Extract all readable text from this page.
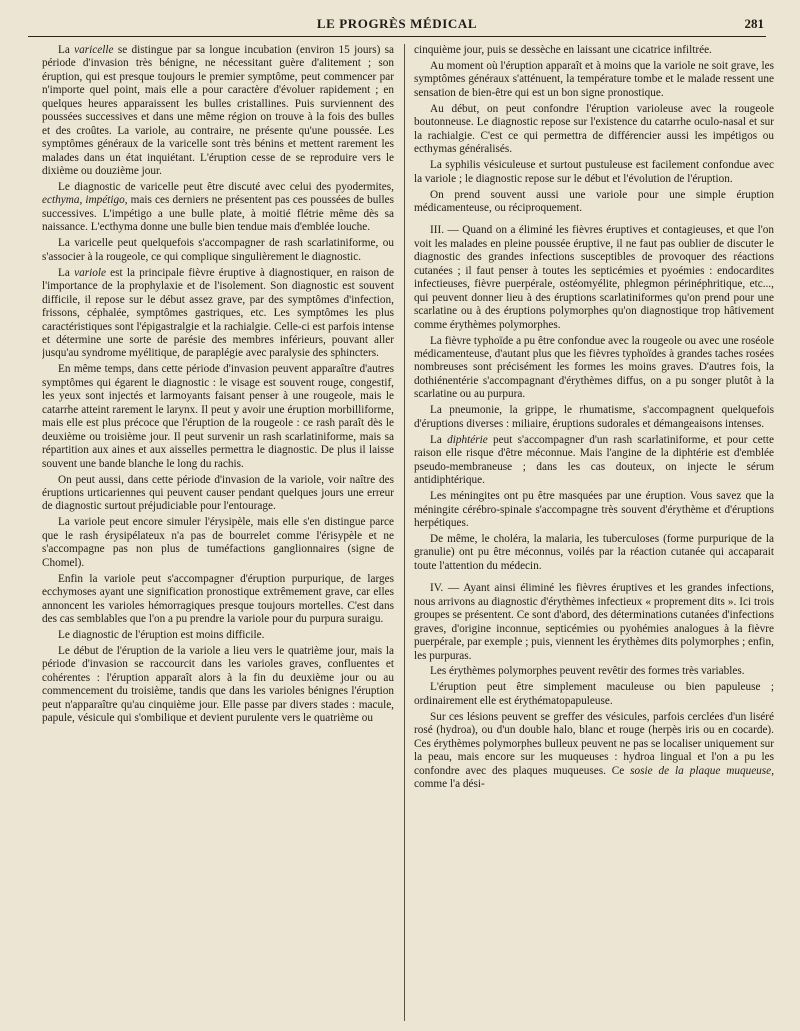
LE PROGRÈS MÉDICAL	281

La varicelle se distingue par sa longue incubation (environ 15 jours) sa période d'invasion très bénigne, ne nécessitant guère d'alitement ; son éruption, qui est presque toujours le premier symptôme, peut commencer par n'importe quel point, mais elle a pour caractère d'évoluer rapidement ; en quelques heures apparaissent les bulles cristallines. Puis surviennent des poussées successives et dans une même région on trouve à la fois des bulles et des croûtes. La variole, au contraire, ne présente qu'une poussée. Les symptômes généraux de la varicelle sont très bénins et mettent rarement les malades dans un état inquiétant. L'éruption cesse de se reproduire vers le dixième ou douzième jour.

Le diagnostic de varicelle peut être discuté avec celui des pyodermites, ecthyma, impétigo, mais ces derniers ne présentent pas ces poussées de bulles successives. L'impétigo a une bulle plate, à moitié flétrie même dès sa naissance. L'ecthyma donne une bulle bien tendue mais d'emblée louche.

La varicelle peut quelquefois s'accompagner de rash scarlatiniforme, ou s'associer à la rougeole, ce qui complique singulièrement le diagnostic.

La variole est la principale fièvre éruptive à diagnostiquer, en raison de l'importance de la prophylaxie et de l'isolement. Son diagnostic est souvent difficile, il repose sur le début assez grave, par des symptômes d'infection, frissons, céphalée, symptômes gastriques, etc. Les symptômes les plus caractéristiques sont l'épigastralgie et la rachialgie. Celle-ci est parfois intense et détermine une sorte de parésie des membres inférieurs, pouvant aller jusqu'au syndrome myélitique, de paraplégie avec paralysie des sphincters.

En même temps, dans cette période d'invasion peuvent apparaître d'autres symptômes qui égarent le diagnostic : le visage est souvent rouge, congestif, les yeux sont injectés et larmoyants faisant penser à une rougeole, mais le catarrhe atteint rarement le larynx. Il peut y avoir une éruption morbilliforme, mais elle est plus précoce que l'éruption de la rougeole : ce rash paraît dès le deuxième ou troisième jour. Il peut survenir un rash scarlatiniforme, mais sa répartition aux aines et aux aisselles permettra le diagnostic. De plus il laisse souvent une bande blanche le long du rachis.

On peut aussi, dans cette période d'invasion de la variole, voir naître des éruptions urticariennes qui peuvent causer pendant quelques jours une erreur de diagnostic surtout préjudiciable pour l'entourage.

La variole peut encore simuler l'érysipèle, mais elle s'en distingue parce que le rash érysipélateux n'a pas de bourrelet comme l'érisypèle et ne s'accompagne pas non plus de tuméfactions ganglionnaires (signe de Chomel).

Enfin la variole peut s'accompagner d'éruption purpurique, de larges ecchymoses ayant une signification pronostique extrêmement grave, car elles annoncent les varioles hémorragiques presque toujours mortelles. C'est dans des cas semblables que l'on a pu prendre la variole pour du purpura suraigu.

Le diagnostic de l'éruption est moins difficile.

Le début de l'éruption de la variole a lieu vers le quatrième jour, mais la période d'invasion se raccourcit dans les varioles graves, confluentes et cohérentes : l'éruption apparaît alors à la fin du deuxième jour ou au commencement du troisième, tandis que dans les varioles bénignes l'éruption peut n'apparaître qu'au cinquième jour. Elle passe par divers stades : macule, papule, vésicule qui s'ombilique et devient purulente vers le quatrième ou

cinquième jour, puis se dessèche en laissant une cicatrice infiltrée.

Au moment où l'éruption apparaît et à moins que la variole ne soit grave, les symptômes généraux s'atténuent, la température tombe et le malade ressent une sensation de bien-être qui est un bon signe pronostique.

Au début, on peut confondre l'éruption varioleuse avec la rougeole boutonneuse. Le diagnostic repose sur l'existence du catarrhe oculo-nasal et sur la rachialgie. C'est ce qui permettra de différencier aussi les impétigos ou ecthymas généralisés.

La syphilis vésiculeuse et surtout pustuleuse est facilement confondue avec la variole ; le diagnostic repose sur le début et l'évolution de l'éruption.

On prend souvent aussi une variole pour une simple éruption médicamenteuse, ou réciproquement.

III. — Quand on a éliminé les fièvres éruptives et contagieuses, et que l'on voit les malades en pleine poussée éruptive, il ne faut pas oublier de discuter le diagnostic des grandes infections susceptibles de provoquer des réactions cutanées ; il faut penser à toutes les septicémies et pyoémies : endocardites infectieuses, fièvre puerpérale, ostéomyélite, phlegmon périnéphritique, etc..., qui peuvent donner lieu à des éruptions scarlatiniformes qu'on prend pour une scarlatine ou à des éruptions polymorphes qu'on diagnostique trop hâtivement comme érythèmes polymorphes.

La fièvre typhoïde a pu être confondue avec la rougeole ou avec une roséole médicamenteuse, d'autant plus que les fièvres typhoïdes à grandes taches rosées nombreuses sont précisément les formes les moins graves. D'autres fois, la dothiénentérie s'accompagnant d'érythèmes diffus, on a pu songer plutôt à la scarlatine ou au purpura.

La pneumonie, la grippe, le rhumatisme, s'accompagnent quelquefois d'éruptions diverses : miliaire, éruptions sudorales et démangeaisons intenses.

La diphtérie peut s'accompagner d'un rash scarlatiniforme, et pour cette raison elle risque d'être méconnue. Mais l'angine de la diphtérie est d'emblée pseudo-membraneuse ; dans les cas douteux, on injecte le sérum antidiphtérique.

Les méningites ont pu être masquées par une éruption. Vous savez que la méningite cérébro-spinale s'accompagne très souvent d'érythème et d'éruptions herpétiques.

De même, le choléra, la malaria, les tuberculoses (forme purpurique de la granulie) ont pu être méconnus, voilés par la réaction cutanée qui accaparait toute l'attention du médecin.

IV. — Ayant ainsi éliminé les fièvres éruptives et les grandes infections, nous arrivons au diagnostic d'érythèmes infectieux « proprement dits ». Ici trois groupes se présentent. Ce sont d'abord, des déterminations cutanées d'infections graves, d'origine inconnue, septicémies ou pyohémies analogues à la fièvre puerpérale, par exemple ; puis, viennent les érythèmes dits polymorphes ; enfin, les purpuras.

Les érythèmes polymorphes peuvent revêtir des formes très variables.

L'éruption peut être simplement maculeuse ou bien papuleuse ; ordinairement elle est érythématopapuleuse.

Sur ces lésions peuvent se greffer des vésicules, parfois cerclées d'un liséré rosé (hydroa), ou d'un double halo, blanc et rouge (herpès iris ou en cocarde). Ces érythèmes polymorphes bulleux peuvent ne pas se localiser uniquement sur la peau, mais encore sur les muqueuses : hydroa lingual et l'on a pu les confondre avec des plaques muqueuses. Ce sosie de la plaque muqueuse, comme l'a dési-
